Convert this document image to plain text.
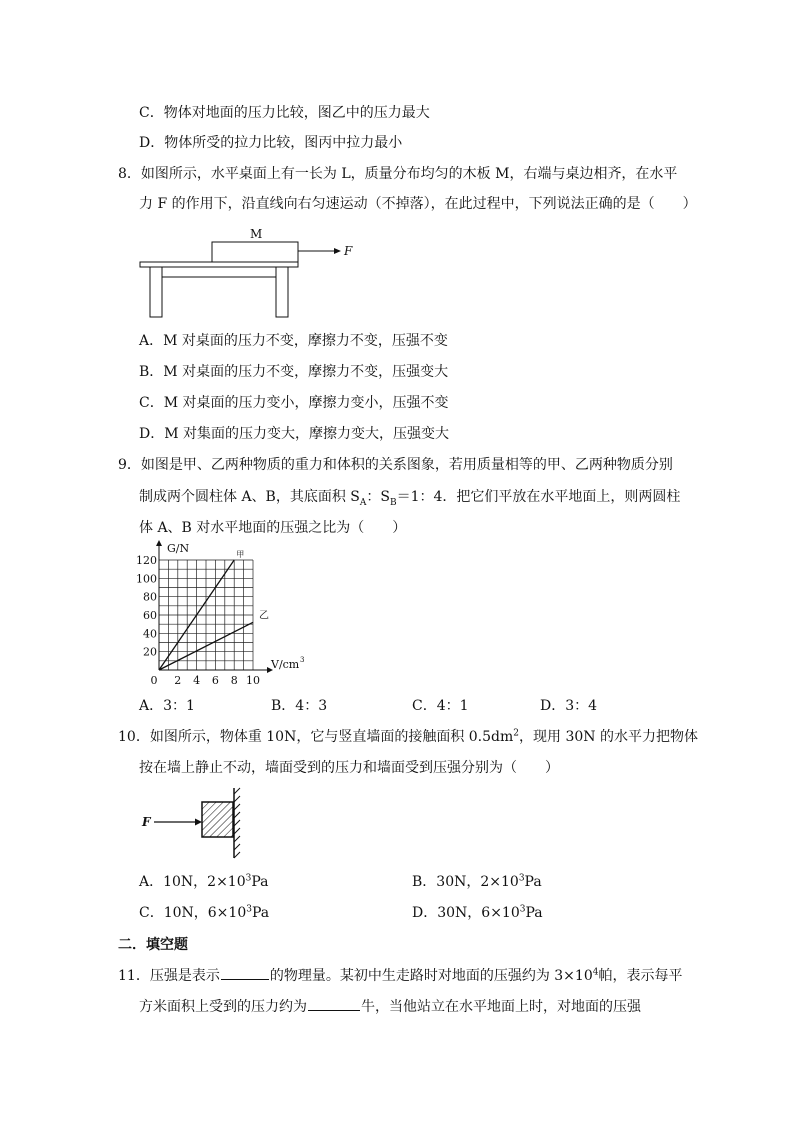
C．物体对地面的压力比较，图乙中的压力最大
D．物体所受的拉力比较，图丙中拉力最小
8．如图所示，水平桌面上有一长为 L，质量分布均匀的木板 M，右端与桌边相齐，在水平
力 F 的作用下，沿直线向右匀速运动（不掉落），在此过程中，下列说法正确的是（　　）
M
F
A．M 对桌面的压力不变，摩擦力不变，压强不变
B．M 对桌面的压力不变，摩擦力不变，压强变大
C．M 对桌面的压力变小，摩擦力变小，压强不变
D．M 对集面的压力变大，摩擦力变大，压强变大
9．如图是甲、乙两种物质的重力和体积的关系图象，若用质量相等的甲、乙两种物质分别
制成两个圆柱体 A、B，其底面积 $S_A$：$S_B=1$：4．把它们平放在水平地面上，则两圆柱
体 A、B 对水平地面的压强之比为（　　）
G/N
V/cm 3
0 2 4 6 8 10
20
40
60
80
100
120	甲
乙
A．3：1	B．4：3	C．4：1	D．3：4
10．如图所示，物体重 10N，它与竖直墙面的接触面积 $0.5dm^2$，现用 30N 的水平力把物体
按在墙上静止不动，墙面受到的压力和墙面受到压强分别为（　　）
F
A．10N，$2\times 10^3Pa$	B．30N，$2\times 10^3Pa$
C．10N，$6\times 10^3Pa$	D．30N，$6\times 10^3Pa$
二．填空题
11．压强是表示	的物理量。某初中生走路时对地面的压强约为 $3\times 10^4$帕，表示每平
方米面积上受到的压力约为	牛，当他站立在水平地面上时，对地面的压强
